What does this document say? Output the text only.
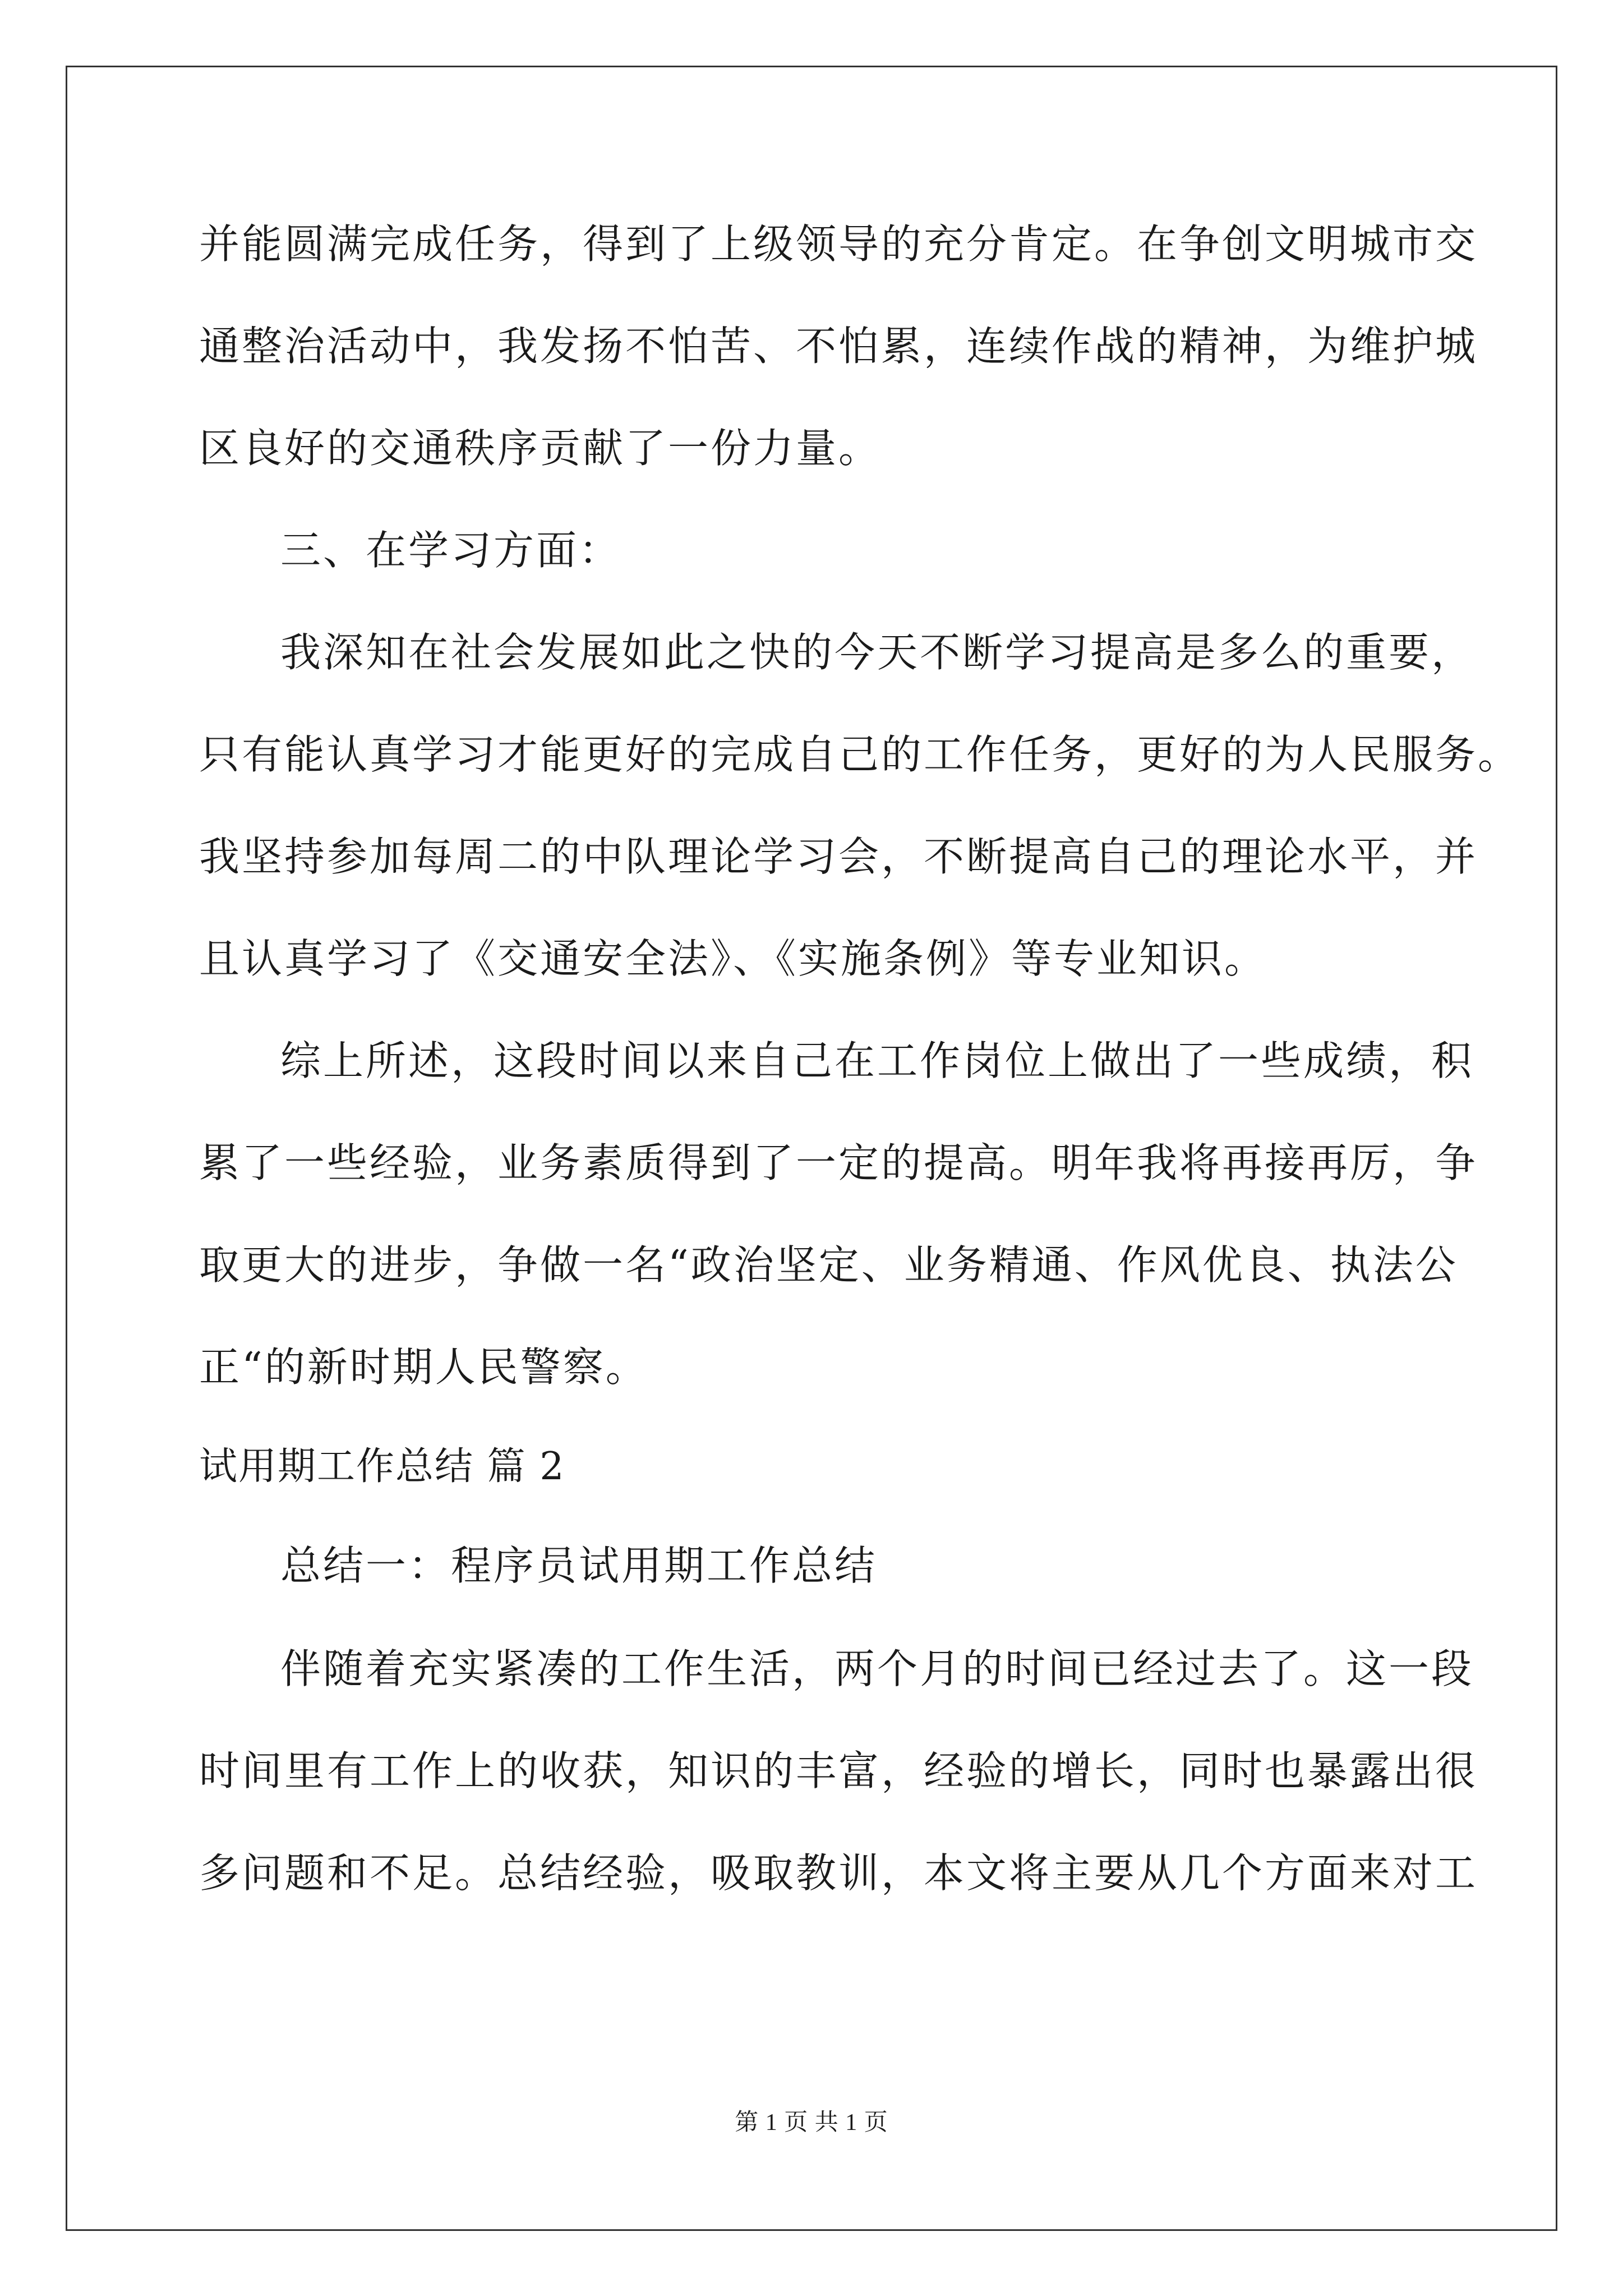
并能圆满完成任务，得到了上级领导的充分肯定。在争创文明城市交
通整治活动中，我发扬不怕苦、不怕累，连续作战的精神，为维护城
区良好的交通秩序贡献了一份力量。
三、在学习方面：
我深知在社会发展如此之快的今天不断学习提高是多么的重要，
只有能认真学习才能更好的完成自己的工作任务，更好的为人民服务。
我坚持参加每周二的中队理论学习会，不断提高自己的理论水平，并
且认真学习了《交通安全法》、《实施条例》等专业知识。
综上所述，这段时间以来自己在工作岗位上做出了一些成绩，积
累了一些经验，业务素质得到了一定的提高。明年我将再接再厉，争
取更大的进步，争做一名“政治坚定、业务精通、作风优良、执法公
正“的新时期人民警察。
试用期工作总结 篇 2
总结一：程序员试用期工作总结
伴随着充实紧凑的工作生活，两个月的时间已经过去了。这一段
时间里有工作上的收获，知识的丰富，经验的增长，同时也暴露出很
多问题和不足。总结经验，吸取教训，本文将主要从几个方面来对工
第 1 页 共 1 页
